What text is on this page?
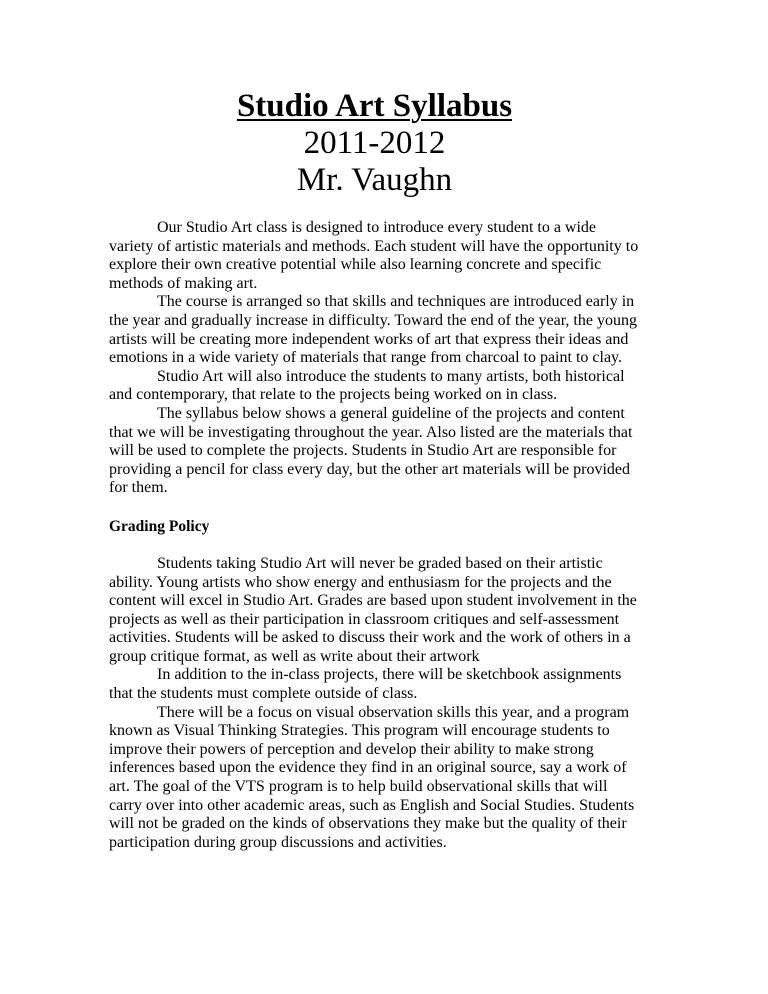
Studio Art Syllabus

2011-2012

Mr. Vaughn

Our Studio Art class is designed to introduce every student to a wide variety of artistic materials and methods. Each student will have the opportunity to explore their own creative potential while also learning concrete and specific methods of making art.

The course is arranged so that skills and techniques are introduced early in the year and gradually increase in difficulty. Toward the end of the year, the young artists will be creating more independent works of art that express their ideas and emotions in a wide variety of materials that range from charcoal to paint to clay.

Studio Art will also introduce the students to many artists, both historical and contemporary, that relate to the projects being worked on in class.

The syllabus below shows a general guideline of the projects and content that we will be investigating throughout the year. Also listed are the materials that will be used to complete the projects. Students in Studio Art are responsible for providing a pencil for class every day, but the other art materials will be provided for them.

Grading Policy

Students taking Studio Art will never be graded based on their artistic ability. Young artists who show energy and enthusiasm for the projects and the content will excel in Studio Art. Grades are based upon student involvement in the projects as well as their participation in classroom critiques and self-assessment activities. Students will be asked to discuss their work and the work of others in a group critique format, as well as write about their artwork

In addition to the in-class projects, there will be sketchbook assignments that the students must complete outside of class.

There will be a focus on visual observation skills this year, and a program known as Visual Thinking Strategies. This program will encourage students to improve their powers of perception and develop their ability to make strong inferences based upon the evidence they find in an original source, say a work of art. The goal of the VTS program is to help build observational skills that will carry over into other academic areas, such as English and Social Studies. Students will not be graded on the kinds of observations they make but the quality of their participation during group discussions and activities.
